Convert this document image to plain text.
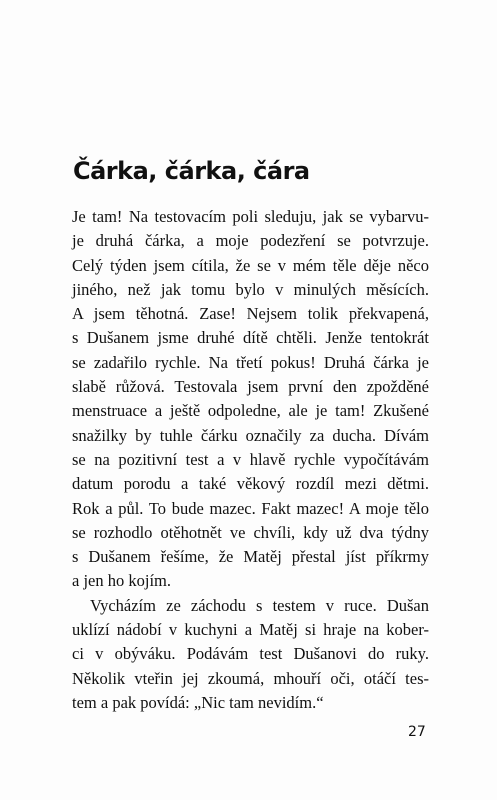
Čárka, čárka, čára
Je tam! Na testovacím poli sleduju, jak se vybarvu-
je druhá čárka, a moje podezření se potvrzuje.
Celý týden jsem cítila, že se v mém těle děje něco
jiného, než jak tomu bylo v minulých měsících.
A jsem těhotná. Zase! Nejsem tolik překvapená,
s Dušanem jsme druhé dítě chtěli. Jenže tentokrát
se zadařilo rychle. Na třetí pokus! Druhá čárka je
slabě růžová. Testovala jsem první den zpožděné
menstruace a ještě odpoledne, ale je tam! Zkušené
snažilky by tuhle čárku označily za ducha. Dívám
se na pozitivní test a v hlavě rychle vypočítávám
datum porodu a také věkový rozdíl mezi dětmi.
Rok a půl. To bude mazec. Fakt mazec! A moje tělo
se rozhodlo otěhotnět ve chvíli, kdy už dva týdny
s Dušanem řešíme, že Matěj přestal jíst příkrmy
a jen ho kojím.
Vycházím ze záchodu s testem v ruce. Dušan
uklízí nádobí v kuchyni a Matěj si hraje na kober-
ci v obýváku. Podávám test Dušanovi do ruky.
Několik vteřin jej zkoumá, mhouří oči, otáčí tes-
tem a pak povídá: „Nic tam nevidím.“
27
